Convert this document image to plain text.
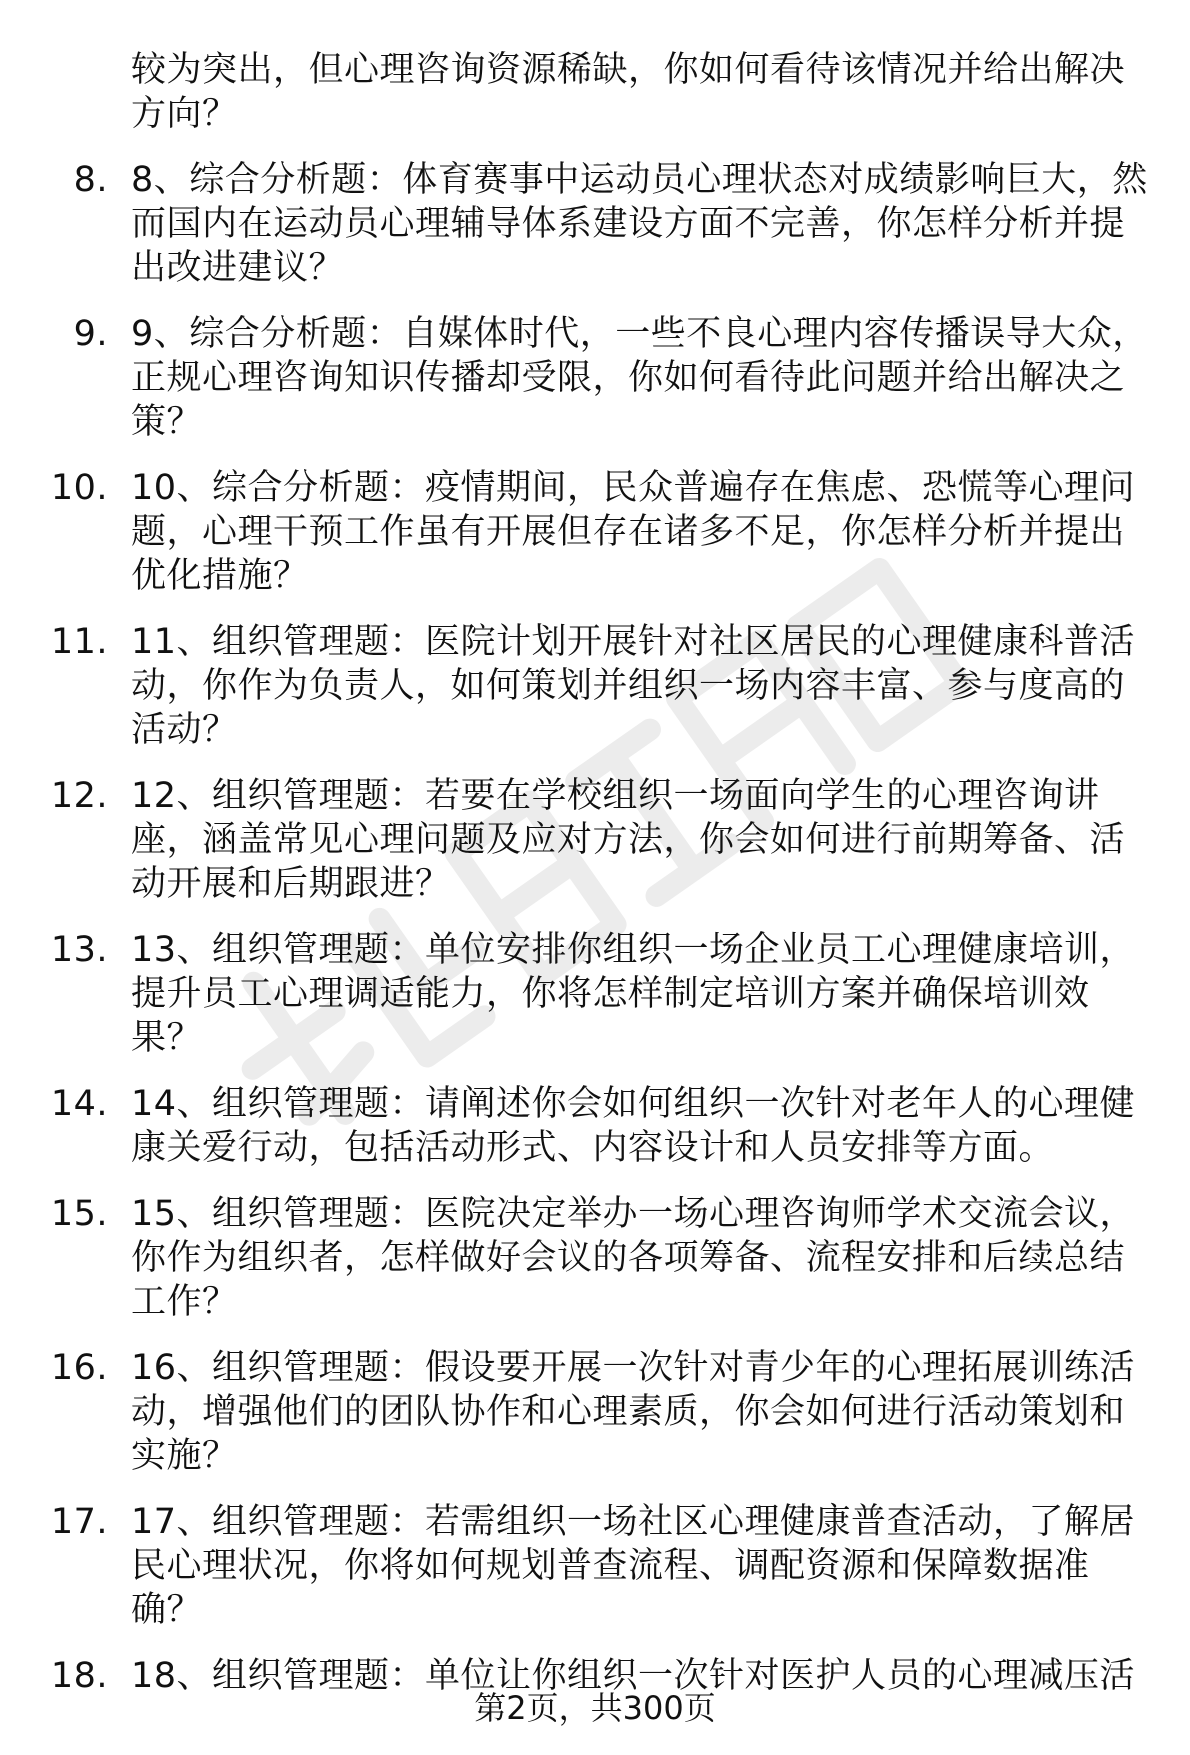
较为突出，但心理咨询资源稀缺，你如何看待该情况并给出解决方向？
8. 8、综合分析题：体育赛事中运动员心理状态对成绩影响巨大，然而国内在运动员心理辅导体系建设方面不完善，你怎样分析并提出改进建议？
9. 9、综合分析题：自媒体时代，一些不良心理内容传播误导大众，正规心理咨询知识传播却受限，你如何看待此问题并给出解决之策？
10. 10、综合分析题：疫情期间，民众普遍存在焦虑、恐慌等心理问题，心理干预工作虽有开展但存在诸多不足，你怎样分析并提出优化措施？
11. 11、组织管理题：医院计划开展针对社区居民的心理健康科普活动，你作为负责人，如何策划并组织一场内容丰富、参与度高的活动？
12. 12、组织管理题：若要在学校组织一场面向学生的心理咨询讲座，涵盖常见心理问题及应对方法，你会如何进行前期筹备、活动开展和后期跟进？
13. 13、组织管理题：单位安排你组织一场企业员工心理健康培训，提升员工心理调适能力，你将怎样制定培训方案并确保培训效果？
14. 14、组织管理题：请阐述你会如何组织一次针对老年人的心理健康关爱行动，包括活动形式、内容设计和人员安排等方面。
15. 15、组织管理题：医院决定举办一场心理咨询师学术交流会议，你作为组织者，怎样做好会议的各项筹备、流程安排和后续总结工作？
16. 16、组织管理题：假设要开展一次针对青少年的心理拓展训练活动，增强他们的团队协作和心理素质，你会如何进行活动策划和实施？
17. 17、组织管理题：若需组织一场社区心理健康普查活动，了解居民心理状况，你将如何规划普查流程、调配资源和保障数据准确？
18. 18、组织管理题：单位让你组织一次针对医护人员的心理减压活
第2页，共300页
